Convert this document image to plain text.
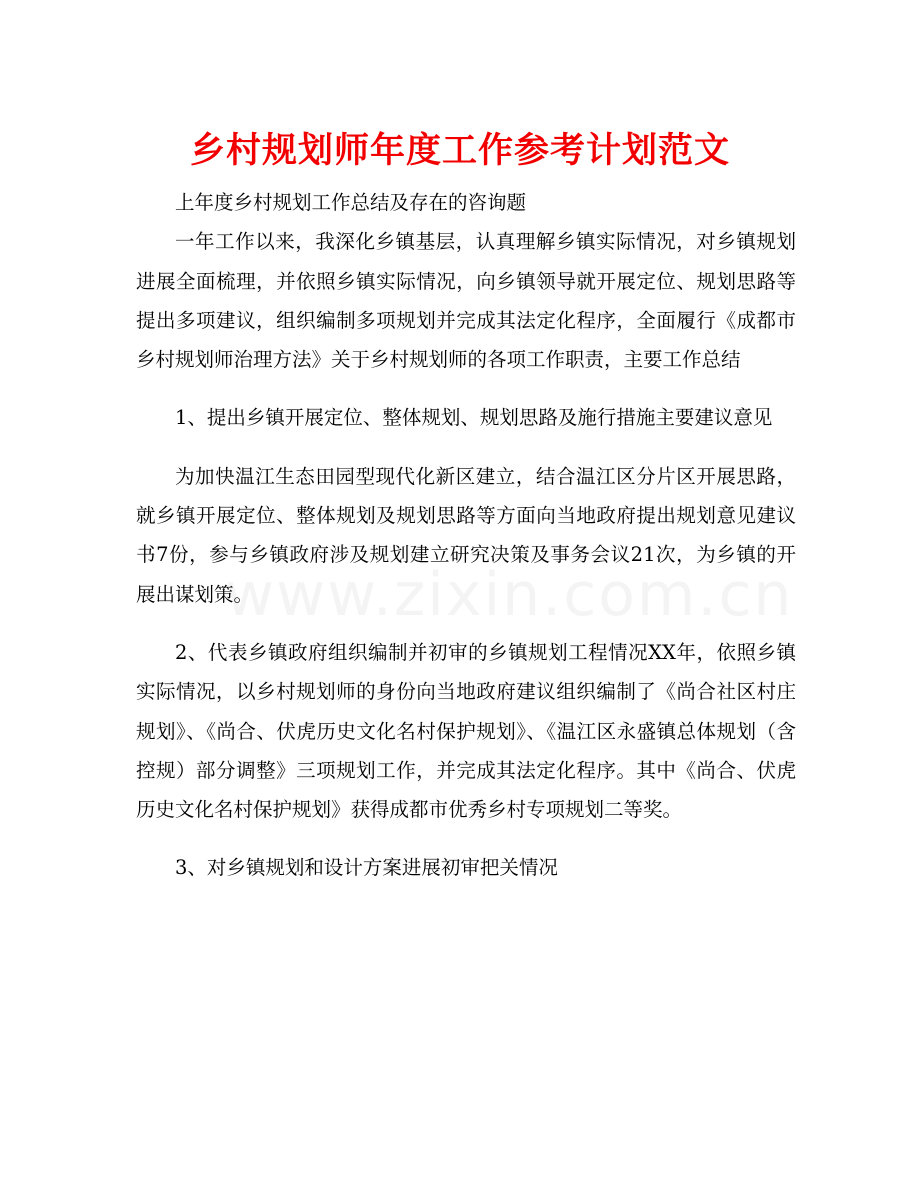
www.zixin.com.cn
乡村规划师年度工作参考计划范文

上年度乡村规划工作总结及存在的咨询题

一年工作以来，我深化乡镇基层，认真理解乡镇实际情况，对乡镇规划进展全面梳理，并依照乡镇实际情况，向乡镇领导就开展定位、规划思路等提出多项建议，组织编制多项规划并完成其法定化程序，全面履行《成都市乡村规划师治理方法》关于乡村规划师的各项工作职责，主要工作总结

1、提出乡镇开展定位、整体规划、规划思路及施行措施主要建议意见

为加快温江生态田园型现代化新区建立，结合温江区分片区开展思路，就乡镇开展定位、整体规划及规划思路等方面向当地政府提出规划意见建议书7份，参与乡镇政府涉及规划建立研究决策及事务会议21次，为乡镇的开展出谋划策。

2、代表乡镇政府组织编制并初审的乡镇规划工程情况XX年，依照乡镇实际情况，以乡村规划师的身份向当地政府建议组织编制了《尚合社区村庄规划》、《尚合、伏虎历史文化名村保护规划》、《温江区永盛镇总体规划（含控规）部分调整》三项规划工作，并完成其法定化程序。其中《尚合、伏虎历史文化名村保护规划》获得成都市优秀乡村专项规划二等奖。

3、对乡镇规划和设计方案进展初审把关情况
